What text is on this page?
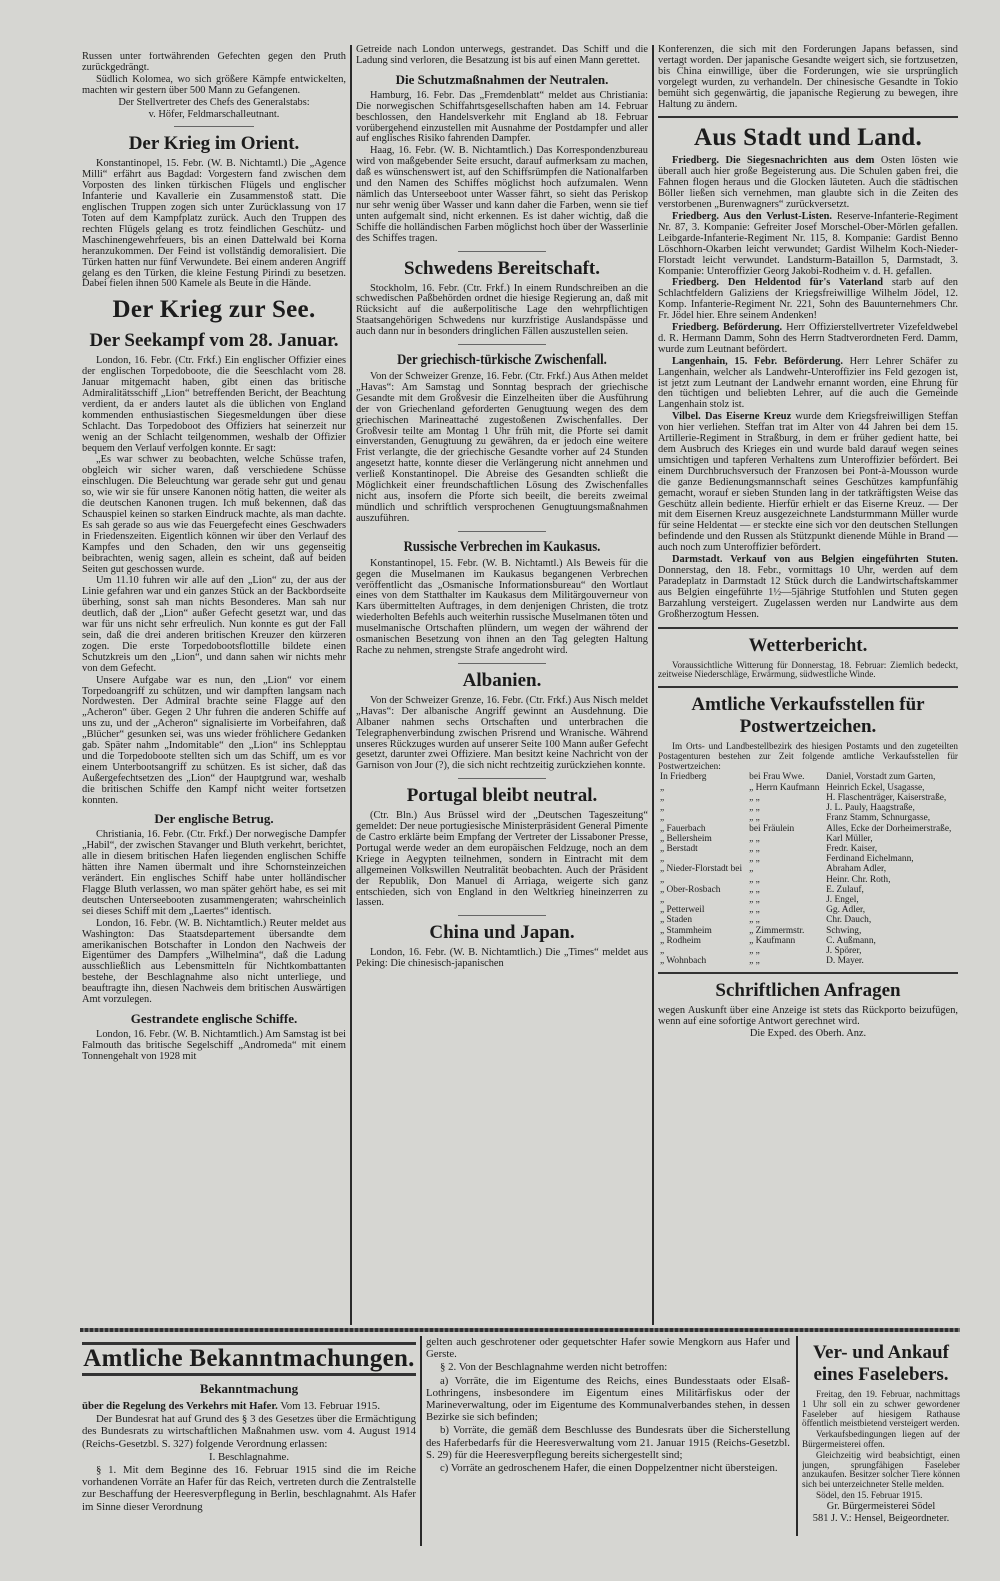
Russen unter fortwährenden Gefechten gegen den Pruth zurückgedrängt.

Südlich Kolomea, wo sich größere Kämpfe entwickelten, machten wir gestern über 500 Mann zu Gefangenen.

Der Stellvertreter des Chefs des Generalstabs:
v. Höfer, Feldmarschalleutnant.
Der Krieg im Orient.

Konstantinopel, 15. Febr. (W. B. Nichtamtl.) Die „Agence Milli“ erfährt aus Bagdad: Vorgestern fand zwischen dem Vorposten des linken türkischen Flügels und englischer Infanterie und Kavallerie ein Zusammenstoß statt. Die englischen Truppen zogen sich unter Zurücklassung von 17 Toten auf dem Kampfplatz zurück. Auch den Truppen des rechten Flügels gelang es trotz feindlichen Geschütz- und Maschinengewehrfeuers, bis an einen Dattelwald bei Korna heranzukommen. Der Feind ist vollständig demoralisiert. Die Türken hatten nur fünf Verwundete. Bei einem anderen Angriff gelang es den Türken, die kleine Festung Pirindi zu besetzen. Dabei fielen ihnen 500 Kamele als Beute in die Hände.

Der Krieg zur See.
Der Seekampf vom 28. Januar.

London, 16. Febr. (Ctr. Frkf.) Ein englischer Offizier eines der englischen Torpedoboote, die die Seeschlacht vom 28. Januar mitgemacht haben, gibt einen das britische Admiralitätsschiff „Lion“ betreffenden Bericht, der Beachtung verdient, da er anders lautet als die üblichen von England kommenden enthusiastischen Siegesmeldungen über diese Schlacht. Das Torpedoboot des Offiziers hat seinerzeit nur wenig an der Schlacht teilgenommen, weshalb der Offizier bequem den Verlauf verfolgen konnte. Er sagt:

„Es war schwer zu beobachten, welche Schüsse trafen, obgleich wir sicher waren, daß verschiedene Schüsse einschlugen. Die Beleuchtung war gerade sehr gut und genau so, wie wir sie für unsere Kanonen nötig hatten, die weiter als die deutschen Kanonen trugen. Ich muß bekennen, daß das Schauspiel keinen so starken Eindruck machte, als man dachte. Es sah gerade so aus wie das Feuergefecht eines Geschwaders in Friedenszeiten. Eigentlich können wir über den Verlauf des Kampfes und den Schaden, den wir uns gegenseitig beibrachten, wenig sagen, allein es scheint, daß auf beiden Seiten gut geschossen wurde.

Um 11.10 fuhren wir alle auf den „Lion“ zu, der aus der Linie gefahren war und ein ganzes Stück an der Backbordseite überhing, sonst sah man nichts Besonderes. Man sah nur deutlich, daß der „Lion“ außer Gefecht gesetzt war, und das war für uns nicht sehr erfreulich. Nun konnte es gut der Fall sein, daß die drei anderen britischen Kreuzer den kürzeren zogen. Die erste Torpedobootsflottille bildete einen Schutzkreis um den „Lion“, und dann sahen wir nichts mehr von dem Gefecht.

Unsere Aufgabe war es nun, den „Lion“ vor einem Torpedoangriff zu schützen, und wir dampften langsam nach Nordwesten. Der Admiral brachte seine Flagge auf den „Acheron“ über. Gegen 2 Uhr fuhren die anderen Schiffe auf uns zu, und der „Acheron“ signalisierte im Vorbeifahren, daß „Blücher“ gesunken sei, was uns wieder fröhlichere Gedanken gab. Später nahm „Indomitable“ den „Lion“ ins Schlepptau und die Torpedoboote stellten sich um das Schiff, um es vor einem Unterbootsangriff zu schützen. Es ist sicher, daß das Außergefechtsetzen des „Lion“ der Hauptgrund war, weshalb die britischen Schiffe den Kampf nicht weiter fortsetzen konnten.

Der englische Betrug.

Christiania, 16. Febr. (Ctr. Frkf.) Der norwegische Dampfer „Habil“, der zwischen Stavanger und Bluth verkehrt, berichtet, alle in diesem britischen Hafen liegenden englischen Schiffe hätten ihre Namen übermalt und ihre Schornsteinzeichen verändert. Ein englisches Schiff habe unter holländischer Flagge Bluth verlassen, wo man später gehört habe, es sei mit deutschen Unterseebooten zusammengeraten; wahrscheinlich sei dieses Schiff mit dem „Laertes“ identisch.

London, 16. Febr. (W. B. Nichtamtlich.) Reuter meldet aus Washington: Das Staatsdepartement übersandte dem amerikanischen Botschafter in London den Nachweis der Eigentümer des Dampfers „Wilhelmina“, daß die Ladung ausschließlich aus Lebensmitteln für Nichtkombattanten bestehe, der Beschlagnahme also nicht unterliege, und beauftragte ihn, diesen Nachweis dem britischen Auswärtigen Amt vorzulegen.

Gestrandete englische Schiffe.

London, 16. Febr. (W. B. Nichtamtlich.) Am Samstag ist bei Falmouth das britische Segelschiff „Andromeda“ mit einem Tonnengehalt von 1928 mit

Getreide nach London unterwegs, gestrandet. Das Schiff und die Ladung sind verloren, die Besatzung ist bis auf einen Mann gerettet.

Die Schutzmaßnahmen der Neutralen.

Hamburg, 16. Febr. Das „Fremdenblatt“ meldet aus Christiania: Die norwegischen Schiffahrtsgesellschaften haben am 14. Februar beschlossen, den Handelsverkehr mit England ab 18. Februar vorübergehend einzustellen mit Ausnahme der Postdampfer und aller auf englisches Risiko fahrenden Dampfer.

Haag, 16. Febr. (W. B. Nichtamtlich.) Das Korrespondenzbureau wird von maßgebender Seite ersucht, darauf aufmerksam zu machen, daß es wünschenswert ist, auf den Schiffsrümpfen die Nationalfarben und den Namen des Schiffes möglichst hoch aufzumalen. Wenn nämlich das Unterseeboot unter Wasser fährt, so sieht das Periskop nur sehr wenig über Wasser und kann daher die Farben, wenn sie tief unten aufgemalt sind, nicht erkennen. Es ist daher wichtig, daß die Schiffe die holländischen Farben möglichst hoch über der Wasserlinie des Schiffes tragen.

Schwedens Bereitschaft.

Stockholm, 16. Febr. (Ctr. Frkf.) In einem Rundschreiben an die schwedischen Paßbehörden ordnet die hiesige Regierung an, daß mit Rücksicht auf die außerpolitische Lage den wehrpflichtigen Staatsangehörigen Schwedens nur kurzfristige Auslandspässe und auch dann nur in besonders dringlichen Fällen auszustellen seien.

Der griechisch-türkische Zwischenfall.

Von der Schweizer Grenze, 16. Febr. (Ctr. Frkf.) Aus Athen meldet „Havas“: Am Samstag und Sonntag besprach der griechische Gesandte mit dem Großvesir die Einzelheiten über die Ausführung der von Griechenland geforderten Genugtuung wegen des dem griechischen Marineattaché zugestoßenen Zwischenfalles. Der Großvesir teilte am Montag 1 Uhr früh mit, die Pforte sei damit einverstanden, Genugtuung zu gewähren, da er jedoch eine weitere Frist verlangte, die der griechische Gesandte vorher auf 24 Stunden angesetzt hatte, konnte dieser die Verlängerung nicht annehmen und verließ Konstantinopel. Die Abreise des Gesandten schließt die Möglichkeit einer freundschaftlichen Lösung des Zwischenfalles nicht aus, insofern die Pforte sich beeilt, die bereits zweimal mündlich und schriftlich versprochenen Genugtuungsmaßnahmen auszuführen.

Russische Verbrechen im Kaukasus.

Konstantinopel, 15. Febr. (W. B. Nichtamtl.) Als Beweis für die gegen die Muselmanen im Kaukasus begangenen Verbrechen veröffentlicht das „Osmanische Informationsbureau“ den Wortlaut eines von dem Statthalter im Kaukasus dem Militärgouverneur von Kars übermittelten Auftrages, in dem denjenigen Christen, die trotz wiederholten Befehls auch weiterhin russische Muselmanen töten und muselmanische Ortschaften plündern, um wegen der während der osmanischen Besetzung von ihnen an den Tag gelegten Haltung Rache zu nehmen, strengste Strafe angedroht wird.

Albanien.

Von der Schweizer Grenze, 16. Febr. (Ctr. Frkf.) Aus Nisch meldet „Havas“: Der albanische Angriff gewinnt an Ausdehnung. Die Albaner nahmen sechs Ortschaften und unterbrachen die Telegraphenverbindung zwischen Prisrend und Wranische. Während unseres Rückzuges wurden auf unserer Seite 100 Mann außer Gefecht gesetzt, darunter zwei Offiziere. Man besitzt keine Nachricht von der Garnison von Jour (?), die sich nicht rechtzeitig zurückziehen konnte.

Portugal bleibt neutral.

(Ctr. Bln.) Aus Brüssel wird der „Deutschen Tageszeitung“ gemeldet: Der neue portugiesische Ministerpräsident General Pimente de Castro erklärte beim Empfang der Vertreter der Lissaboner Presse, Portugal werde weder an dem europäischen Feldzuge, noch an dem Kriege in Aegypten teilnehmen, sondern in Eintracht mit dem allgemeinen Volkswillen Neutralität beobachten. Auch der Präsident der Republik, Don Manuel di Arriaga, weigerte sich ganz entschieden, sich von England in den Weltkrieg hineinzerren zu lassen.

China und Japan.

London, 16. Febr. (W. B. Nichtamtlich.) Die „Times“ meldet aus Peking: Die chinesisch-japanischen

Konferenzen, die sich mit den Forderungen Japans befassen, sind vertagt worden. Der japanische Gesandte weigert sich, sie fortzusetzen, bis China einwillige, über die Forderungen, wie sie ursprünglich vorgelegt wurden, zu verhandeln. Der chinesische Gesandte in Tokio bemüht sich gegenwärtig, die japanische Regierung zu bewegen, ihre Haltung zu ändern.

Aus Stadt und Land.

Friedberg. Die Siegesnachrichten aus dem Osten lösten wie überall auch hier große Begeisterung aus. Die Schulen gaben frei, die Fahnen flogen heraus und die Glocken läuteten. Auch die städtischen Böller ließen sich vernehmen, man glaubte sich in die Zeiten des verstorbenen „Burenwagners“ zurückversetzt.

Friedberg. Aus den Verlust-Listen. Reserve-Infanterie-Regiment Nr. 87, 3. Kompanie: Gefreiter Josef Morschel-Ober-Mörlen gefallen. Leibgarde-Infanterie-Regiment Nr. 115, 8. Kompanie: Gardist Benno Löschhorn-Okarben leicht verwundet; Gardist Wilhelm Koch-Nieder-Florstadt leicht verwundet. Landsturm-Bataillon 5, Darmstadt, 3. Kompanie: Unteroffizier Georg Jakobi-Rodheim v. d. H. gefallen.

Friedberg. Den Heldentod für's Vaterland starb auf den Schlachtfeldern Galiziens der Kriegsfreiwillige Wilhelm Jödel, 12. Komp. Infanterie-Regiment Nr. 221, Sohn des Bauunternehmers Chr. Fr. Jödel hier. Ehre seinem Andenken!

Friedberg. Beförderung. Herr Offizierstellvertreter Vizefeldwebel d. R. Hermann Damm, Sohn des Herrn Stadtverordneten Ferd. Damm, wurde zum Leutnant befördert.

Langenhain, 15. Febr. Beförderung. Herr Lehrer Schäfer zu Langenhain, welcher als Landwehr-Unteroffizier ins Feld gezogen ist, ist jetzt zum Leutnant der Landwehr ernannt worden, eine Ehrung für den tüchtigen und beliebten Lehrer, auf die auch die Gemeinde Langenhain stolz ist.

Vilbel. Das Eiserne Kreuz wurde dem Kriegsfreiwilligen Steffan von hier verliehen. Steffan trat im Alter von 44 Jahren bei dem 15. Artillerie-Regiment in Straßburg, in dem er früher gedient hatte, bei dem Ausbruch des Krieges ein und wurde bald darauf wegen seines umsichtigen und tapferen Verhaltens zum Unteroffizier befördert. Bei einem Durchbruchsversuch der Franzosen bei Pont-à-Mousson wurde die ganze Bedienungsmannschaft seines Geschützes kampfunfähig gemacht, worauf er sieben Stunden lang in der tatkräftigsten Weise das Geschütz allein bediente. Hierfür erhielt er das Eiserne Kreuz. — Der mit dem Eisernen Kreuz ausgezeichnete Landsturmmann Müller wurde für seine Heldentat — er steckte eine sich vor den deutschen Stellungen befindende und den Russen als Stützpunkt dienende Mühle in Brand — auch noch zum Unteroffizier befördert.

Darmstadt. Verkauf von aus Belgien eingeführten Stuten. Donnerstag, den 18. Febr., vormittags 10 Uhr, werden auf dem Paradeplatz in Darmstadt 12 Stück durch die Landwirtschaftskammer aus Belgien eingeführte 1½—5jährige Stutfohlen und Stuten gegen Barzahlung versteigert. Zugelassen werden nur Landwirte aus dem Großherzogtum Hessen.

Wetterbericht.

Voraussichtliche Witterung für Donnerstag, 18. Februar: Ziemlich bedeckt, zeitweise Niederschläge, Erwärmung, südwestliche Winde.

Amtliche Verkaufsstellen für Postwertzeichen.

Im Orts- und Landbestellbezirk des hiesigen Postamts und den zugeteilten Postagenturen bestehen zur Zeit folgende amtliche Verkaufsstellen für Postwertzeichen:

In Friedberg	bei Frau Wwe.	Daniel, Vorstadt zum Garten,
„	„ Herrn Kaufmann	Heinrich Eckel, Usagasse,
„	„ „	H. Flaschenträger, Kaiserstraße,
„	„ „	J. L. Pauly, Haagstraße,
„	„ „	Franz Stamm, Schnurgasse,
„ Fauerbach	bei Fräulein	Alles, Ecke der Dorheimerstraße,
„ Bellersheim	„ „	Karl Müller,
„ Berstadt	„ „	Fredr. Kaiser,
„	„ „	Ferdinand Eichelmann,
„ Nieder-Florstadt bei	„	Abraham Adler,
„	„ „	Heinr. Chr. Roth,
„ Ober-Rosbach	„ „	E. Zulauf,
„	„ „	J. Engel,
„ Petterweil	„ „	Gg. Adler,
„ Staden	„ „	Chr. Dauch,
„ Stammheim	„ Zimmermstr.	Schwing,
„ Rodheim	„ Kaufmann	C. Außmann,
„	„ „	J. Spörer,
„ Wohnbach	„ „	D. Mayer.
Schriftlichen Anfragen

wegen Auskunft über eine Anzeige ist stets das Rückporto beizufügen, wenn auf eine sofortige Antwort gerechnet wird.

Die Exped. des Oberh. Anz.
Amtliche Bekanntmachungen.
Bekanntmachung

über die Regelung des Verkehrs mit Hafer. Vom 13. Februar 1915.

Der Bundesrat hat auf Grund des § 3 des Gesetzes über die Ermächtigung des Bundesrats zu wirtschaftlichen Maßnahmen usw. vom 4. August 1914 (Reichs-Gesetzbl. S. 327) folgende Verordnung erlassen:

I. Beschlagnahme.

§ 1. Mit dem Beginne des 16. Februar 1915 sind die im Reiche vorhandenen Vorräte an Hafer für das Reich, vertreten durch die Zentralstelle zur Beschaffung der Heeresverpflegung in Berlin, beschlagnahmt. Als Hafer im Sinne dieser Verordnung

gelten auch geschrotener oder gequetschter Hafer sowie Mengkorn aus Hafer und Gerste.

§ 2. Von der Beschlagnahme werden nicht betroffen:

a) Vorräte, die im Eigentume des Reichs, eines Bundesstaats oder Elsaß-Lothringens, insbesondere im Eigentum eines Militärfiskus oder der Marineverwaltung, oder im Eigentume des Kommunalverbandes stehen, in dessen Bezirke sie sich befinden;

b) Vorräte, die gemäß dem Beschlusse des Bundesrats über die Sicherstellung des Haferbedarfs für die Heeresverwaltung vom 21. Januar 1915 (Reichs-Gesetzbl. S. 29) für die Heeresverpflegung bereits sichergestellt sind;

c) Vorräte an gedroschenem Hafer, die einen Doppelzentner nicht übersteigen.

Ver- und Ankauf eines Faselebers.

Freitag, den 19. Februar, nachmittags 1 Uhr soll ein zu schwer gewordener Faseleber auf hiesigem Rathause öffentlich meistbietend versteigert werden.

Verkaufsbedingungen liegen auf der Bürgermeisterei offen.

Gleichzeitig wird beabsichtigt, einen jungen, sprungfähigen Faseleber anzukaufen. Besitzer solcher Tiere können sich bei unterzeichneter Stelle melden.

Södel, den 15. Februar 1915.

Gr. Bürgermeisterei Södel
581 J. V.: Hensel, Beigeordneter.
